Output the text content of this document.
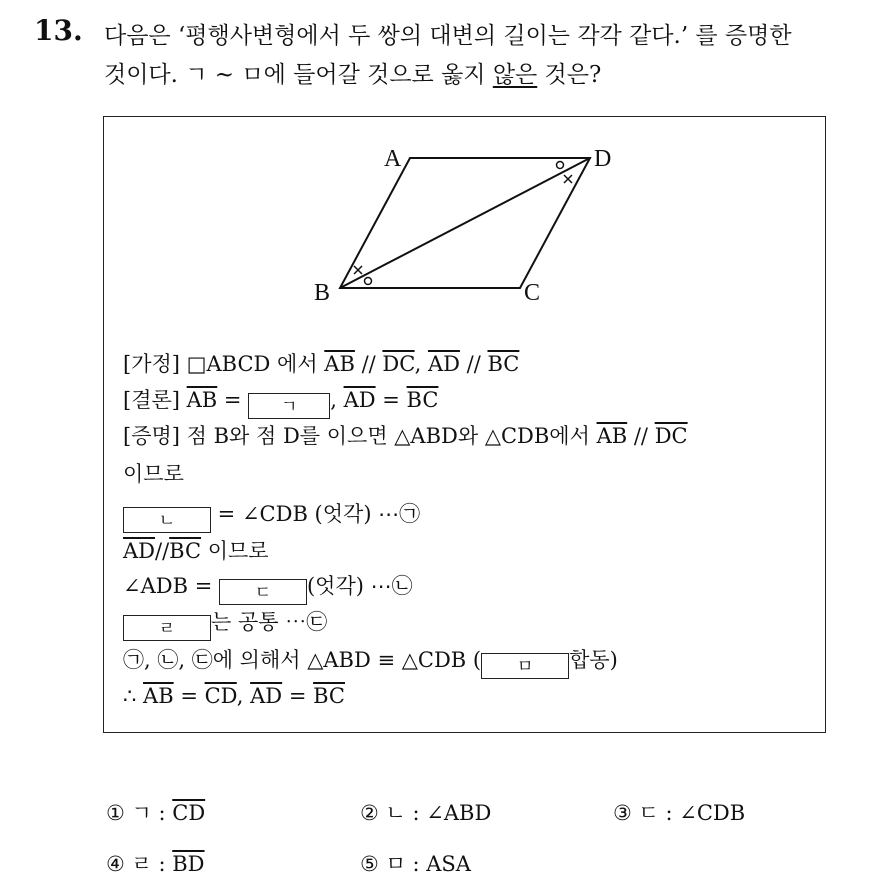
13. 다음은 ‘평행사변형에서 두 쌍의 대변의 길이는 각각 같다.’ 를 증명한
것이다. ㄱ ~ ㅁ에 들어갈 것으로 옳지 않은 것은?
A	D
B	C
[가정] □ABCD 에서 $\overline{AB} // \overline{DC}$, $\overline{AD} // \overline{BC}$
[결론] $\overline{AB}$ = ㄱ , $\overline{AD} = \overline{BC}$
[증명] 점 B와 점 D를 이으면 △ABD와 △CDB에서 $\overline{AB} // \overline{DC}$
이므로
ㄴ = ∠CDB (엇각) ⋯㉠
$\overline{AD}//\overline{BC}$ 이므로
∠ADB = ㄷ (엇각) ⋯㉡
ㄹ 는 공통 ⋯㉢
㉠, ㉡, ㉢에 의해서 △ABD ≡ △CDB ( ㅁ 합동)
∴ $\overline{AB} = \overline{CD}$, $\overline{AD} = \overline{BC}$
① ㄱ : $\overline{CD}$	② ㄴ : ∠ABD	③ ㄷ : ∠CDB
④ ㄹ : $\overline{BD}$	⑤ ㅁ : ASA
